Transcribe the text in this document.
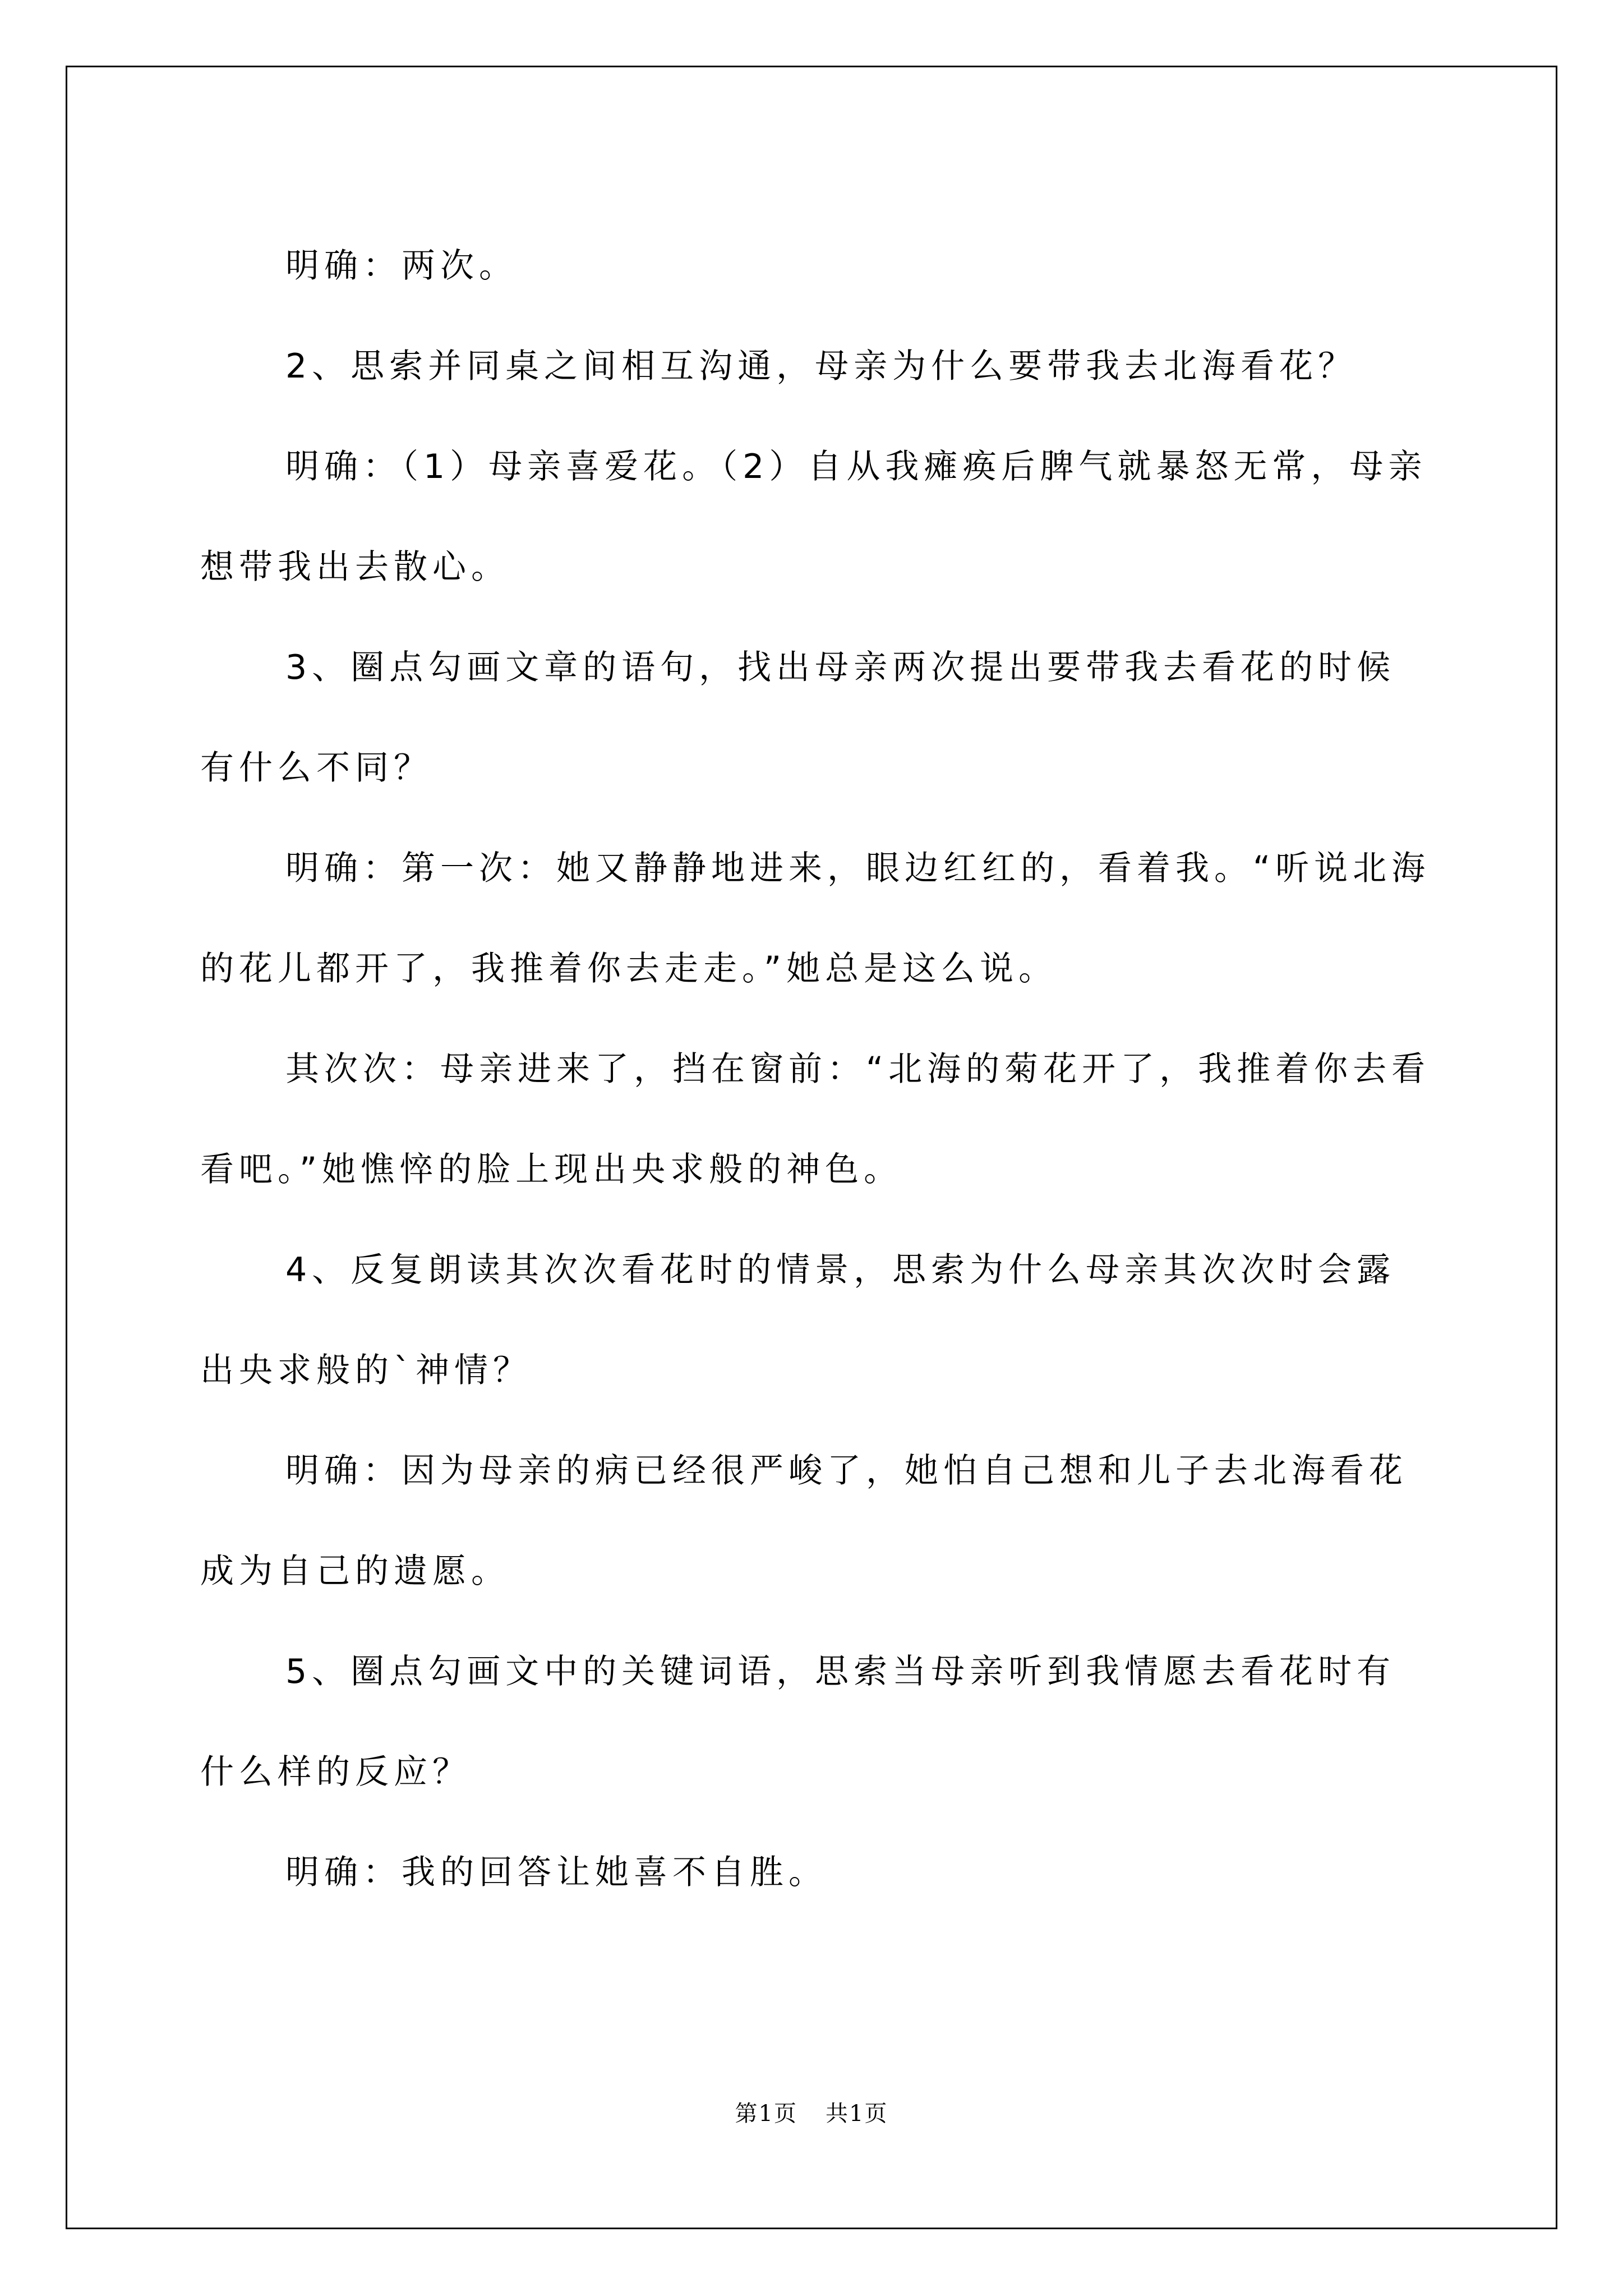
明确：两次。

2、思索并同桌之间相互沟通，母亲为什么要带我去北海看花？

明确：（1）母亲喜爱花。（2）自从我瘫痪后脾气就暴怒无常，母亲想带我出去散心。

3、圈点勾画文章的语句，找出母亲两次提出要带我去看花的时候有什么不同？

明确：第一次：她又静静地进来，眼边红红的，看着我。“听说北海的花儿都开了，我推着你去走走。”她总是这么说。

其次次：母亲进来了，挡在窗前：“北海的菊花开了，我推着你去看看吧。”她憔悴的脸上现出央求般的神色。

4、反复朗读其次次看花时的情景，思索为什么母亲其次次时会露出央求般的`神情？

明确：因为母亲的病已经很严峻了，她怕自己想和儿子去北海看花成为自己的遗愿。

5、圈点勾画文中的关键词语，思索当母亲听到我情愿去看花时有什么样的反应？

明确：我的回答让她喜不自胜。

第1页 共1页
